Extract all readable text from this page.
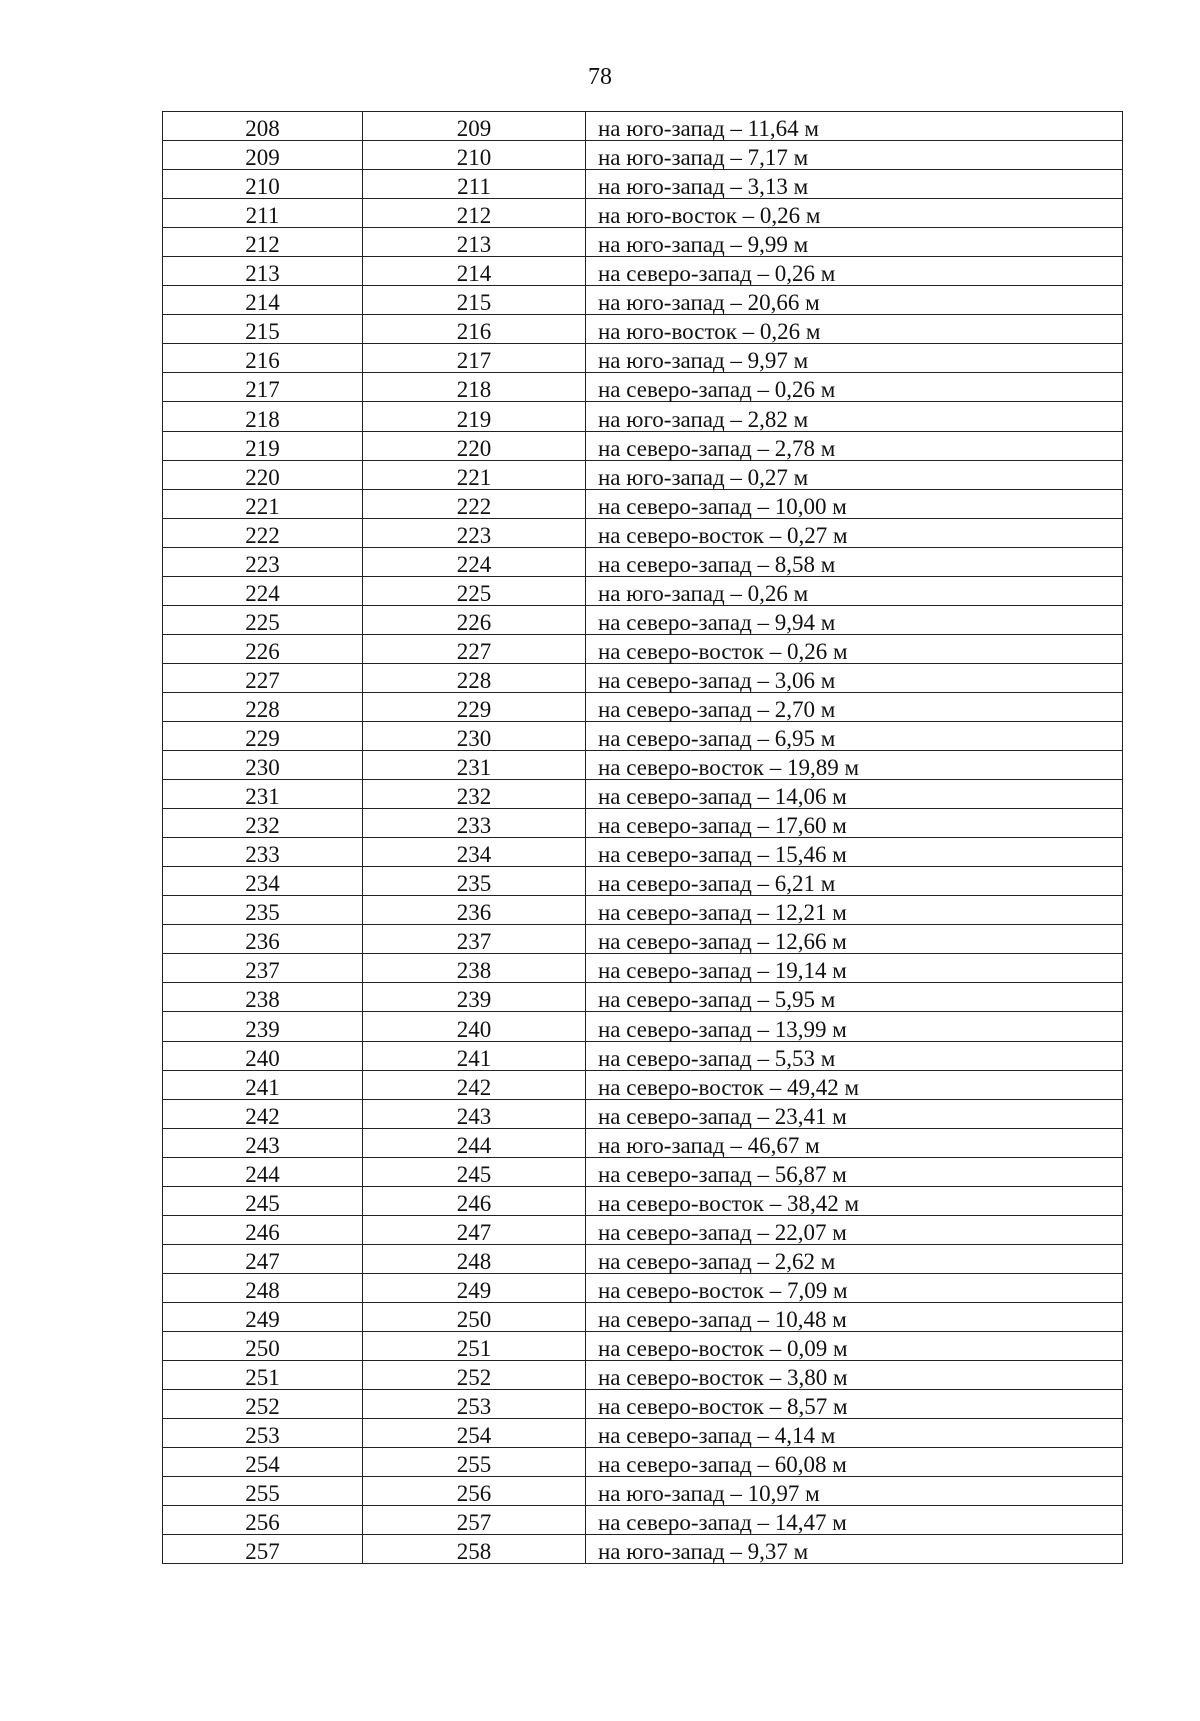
78
208	209	на юго-запад – 11,64 м
209	210	на юго-запад – 7,17 м
210	211	на юго-запад – 3,13 м
211	212	на юго-восток – 0,26 м
212	213	на юго-запад – 9,99 м
213	214	на северо-запад – 0,26 м
214	215	на юго-запад – 20,66 м
215	216	на юго-восток – 0,26 м
216	217	на юго-запад – 9,97 м
217	218	на северо-запад – 0,26 м
218	219	на юго-запад – 2,82 м
219	220	на северо-запад – 2,78 м
220	221	на юго-запад – 0,27 м
221	222	на северо-запад – 10,00 м
222	223	на северо-восток – 0,27 м
223	224	на северо-запад – 8,58 м
224	225	на юго-запад – 0,26 м
225	226	на северо-запад – 9,94 м
226	227	на северо-восток – 0,26 м
227	228	на северо-запад – 3,06 м
228	229	на северо-запад – 2,70 м
229	230	на северо-запад – 6,95 м
230	231	на северо-восток – 19,89 м
231	232	на северо-запад – 14,06 м
232	233	на северо-запад – 17,60 м
233	234	на северо-запад – 15,46 м
234	235	на северо-запад – 6,21 м
235	236	на северо-запад – 12,21 м
236	237	на северо-запад – 12,66 м
237	238	на северо-запад – 19,14 м
238	239	на северо-запад – 5,95 м
239	240	на северо-запад – 13,99 м
240	241	на северо-запад – 5,53 м
241	242	на северо-восток – 49,42 м
242	243	на северо-запад – 23,41 м
243	244	на юго-запад – 46,67 м
244	245	на северо-запад – 56,87 м
245	246	на северо-восток – 38,42 м
246	247	на северо-запад – 22,07 м
247	248	на северо-запад – 2,62 м
248	249	на северо-восток – 7,09 м
249	250	на северо-запад – 10,48 м
250	251	на северо-восток – 0,09 м
251	252	на северо-восток – 3,80 м
252	253	на северо-восток – 8,57 м
253	254	на северо-запад – 4,14 м
254	255	на северо-запад – 60,08 м
255	256	на юго-запад – 10,97 м
256	257	на северо-запад – 14,47 м
257	258	на юго-запад – 9,37 м
